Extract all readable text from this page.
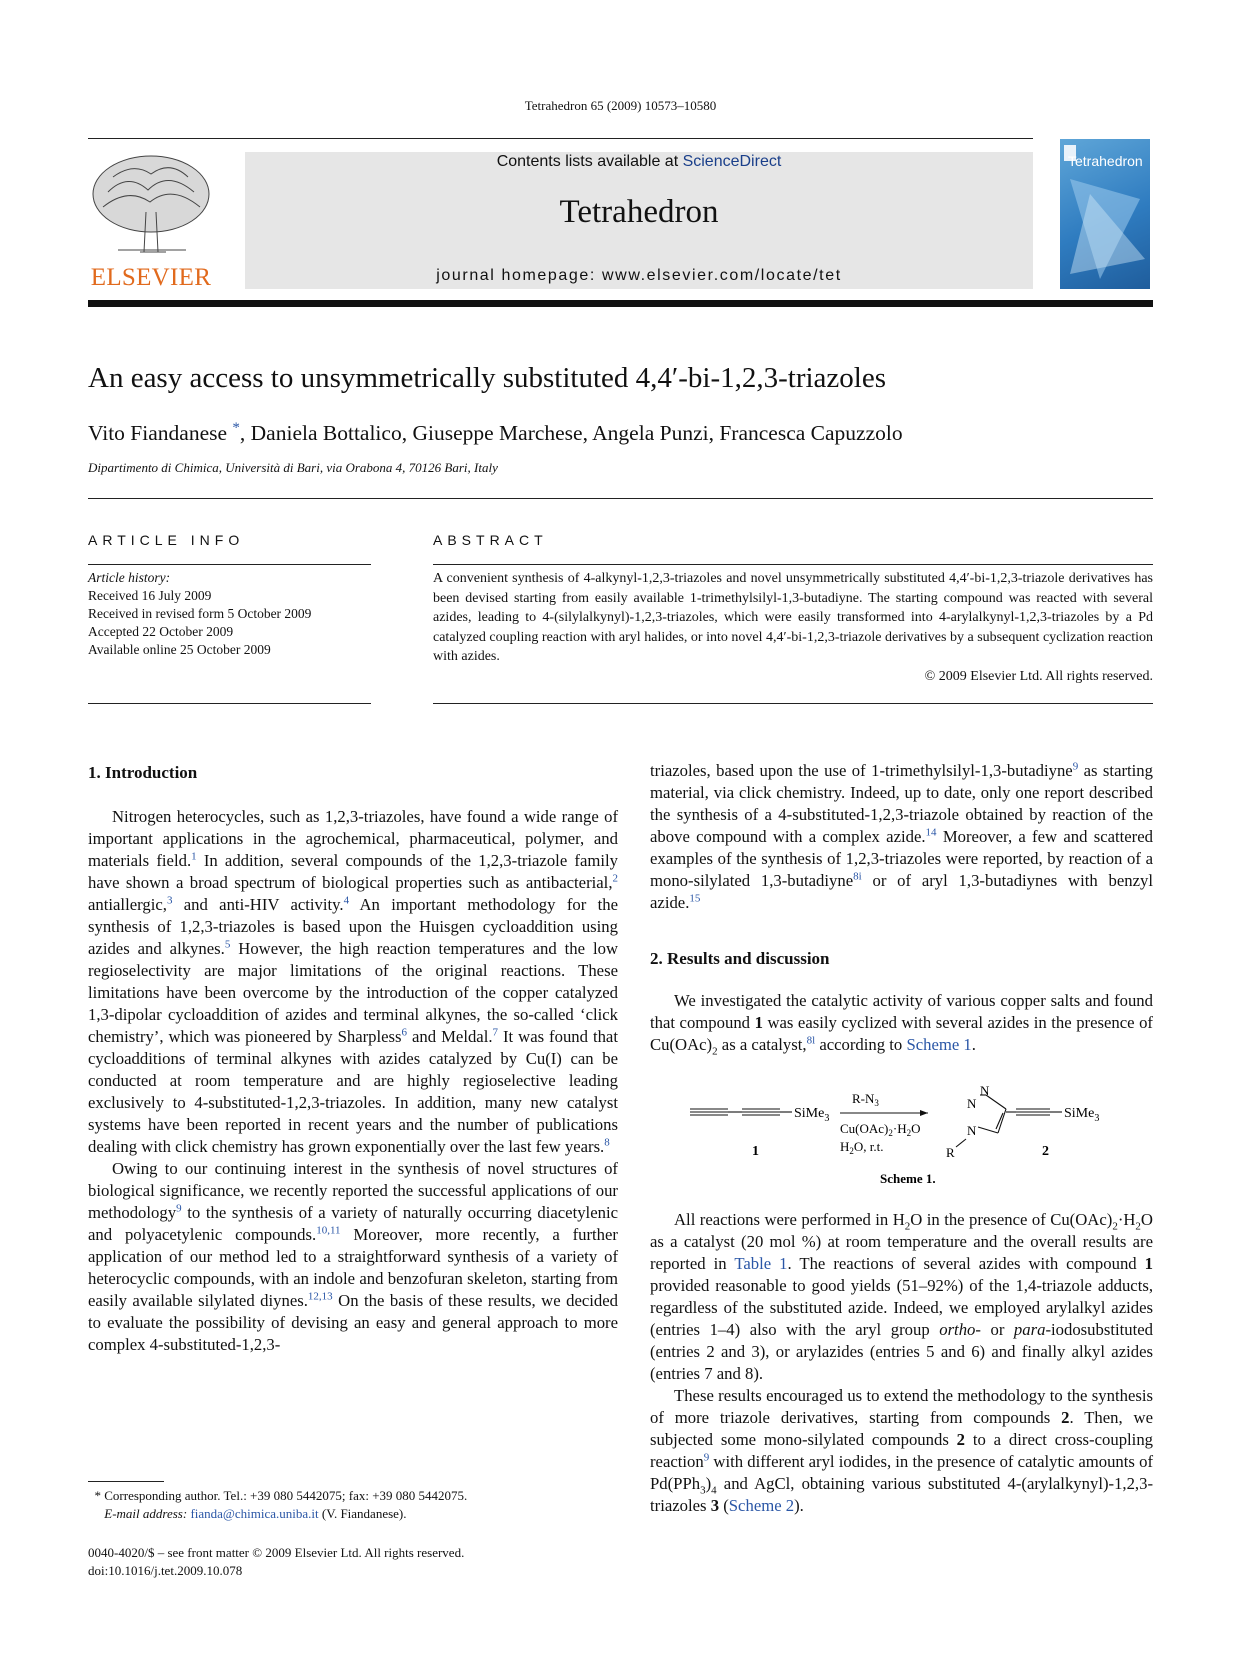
Tetrahedron 65 (2009) 10573–10580
ELSEVIER
Contents lists available at ScienceDirect
Tetrahedron
journal homepage: www.elsevier.com/locate/tet
Tetrahedron
An easy access to unsymmetrically substituted 4,4′-bi-1,2,3-triazoles
Vito Fiandanese *, Daniela Bottalico, Giuseppe Marchese, Angela Punzi, Francesca Capuzzolo
Dipartimento di Chimica, Università di Bari, via Orabona 4, 70126 Bari, Italy
ARTICLE INFO
Article history:
Received 16 July 2009
Received in revised form 5 October 2009
Accepted 22 October 2009
Available online 25 October 2009
ABSTRACT
A convenient synthesis of 4-alkynyl-1,2,3-triazoles and novel unsymmetrically substituted 4,4′-bi-1,2,3-triazole derivatives has been devised starting from easily available 1-trimethylsilyl-1,3-butadiyne. The starting compound was reacted with several azides, leading to 4-(silylalkynyl)-1,2,3-triazoles, which were easily transformed into 4-arylalkynyl-1,2,3-triazoles by a Pd catalyzed coupling reaction with aryl halides, or into novel 4,4′-bi-1,2,3-triazole derivatives by a subsequent cyclization reaction with azides.
© 2009 Elsevier Ltd. All rights reserved.
1. Introduction

Nitrogen heterocycles, such as 1,2,3-triazoles, have found a wide range of important applications in the agrochemical, pharmaceutical, polymer, and materials field.$^1$ In addition, several compounds of the 1,2,3-triazole family have shown a broad spectrum of biological properties such as antibacterial,$^2$ antiallergic,$^3$ and anti-HIV activity.$^4$ An important methodology for the synthesis of 1,2,3-triazoles is based upon the Huisgen cycloaddition using azides and alkynes.$^5$ However, the high reaction temperatures and the low regioselectivity are major limitations of the original reactions. These limitations have been overcome by the introduction of the copper catalyzed 1,3-dipolar cycloaddition of azides and terminal alkynes, the so-called ‘click chemistry’, which was pioneered by Sharpless$^6$ and Meldal.$^7$ It was found that cycloadditions of terminal alkynes with azides catalyzed by Cu(I) can be conducted at room temperature and are highly regioselective leading exclusively to 4-substituted-1,2,3-triazoles. In addition, many new catalyst systems have been reported in recent years and the number of publications dealing with click chemistry has grown exponentially over the last few years.$^8$

Owing to our continuing interest in the synthesis of novel structures of biological significance, we recently reported the successful applications of our methodology$^9$ to the synthesis of a variety of naturally occurring diacetylenic and polyacetylenic compounds.$^{10,11}$ Moreover, more recently, a further application of our method led to a straightforward synthesis of a variety of heterocyclic compounds, with an indole and benzofuran skeleton, starting from easily available silylated diynes.$^{12,13}$ On the basis of these results, we decided to evaluate the possibility of devising an easy and general approach to more complex 4-substituted-1,2,3-

* Corresponding author. Tel.: +39 080 5442075; fax: +39 080 5442075.
E-mail address: fianda@chimica.uniba.it (V. Fiandanese).
0040-4020/$ – see front matter © 2009 Elsevier Ltd. All rights reserved.
doi:10.1016/j.tet.2009.10.078

triazoles, based upon the use of 1-trimethylsilyl-1,3-butadiyne$^9$ as starting material, via click chemistry. Indeed, up to date, only one report described the synthesis of a 4-substituted-1,2,3-triazole obtained by reaction of the above compound with a complex azide.$^{14}$ Moreover, a few and scattered examples of the synthesis of 1,2,3-triazoles were reported, by reaction of a mono-silylated 1,3-butadiyne$^{8i}$ or of aryl 1,3-butadiynes with benzyl azide.$^{15}$

2. Results and discussion

We investigated the catalytic activity of various copper salts and found that compound 1 was easily cyclized with several azides in the presence of $Cu(OAc)_2$ as a catalyst,$^{8l}$ according to Scheme 1.

SiMe$_3$
1
$R-N_3$
$Cu(OAc)_2\cdot H_2O$
$H_2O$, r.t.
N
N
N
R
SiMe$_3$
2
Scheme 1.

All reactions were performed in $H_2O$ in the presence of $Cu(OAc)_2\cdot H_2O$ as a catalyst (20 mol %) at room temperature and the overall results are reported in Table 1. The reactions of several azides with compound 1 provided reasonable to good yields (51–92%) of the 1,4-triazole adducts, regardless of the substituted azide. Indeed, we employed arylalkyl azides (entries 1–4) also with the aryl group ortho- or para-iodosubstituted (entries 2 and 3), or arylazides (entries 5 and 6) and finally alkyl azides (entries 7 and 8).

These results encouraged us to extend the methodology to the synthesis of more triazole derivatives, starting from compounds 2. Then, we subjected some mono-silylated compounds 2 to a direct cross-coupling reaction$^9$ with different aryl iodides, in the presence of catalytic amounts of $Pd(PPh_3)_4$ and AgCl, obtaining various substituted 4-(arylalkynyl)-1,2,3-triazoles 3 (Scheme 2).
